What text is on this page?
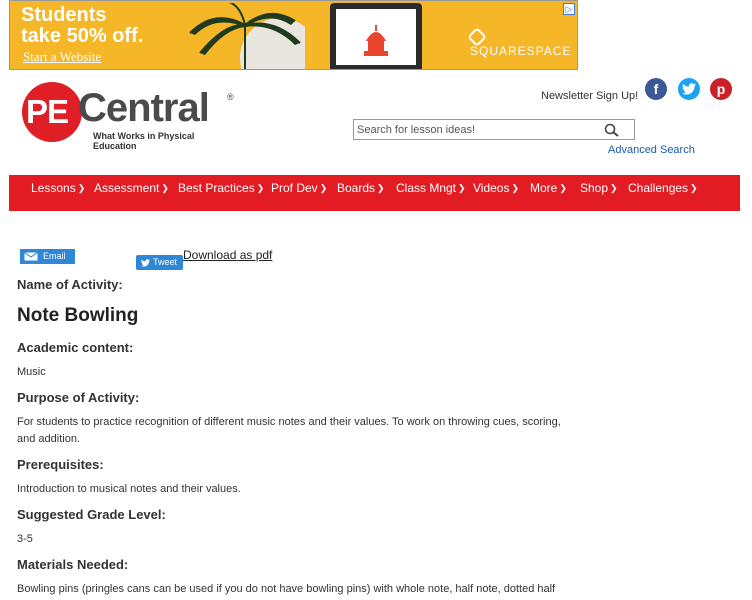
Students
take 50% off.
Start a Website	SQUARESPACE
▷
PE Central ®
What Works in Physical Education
Newsletter Sign Up!	f	p
Search for lesson ideas!
Advanced Search
Lessons ❯ Assessment ❯ Best Practices ❯ Prof Dev ❯ Boards ❯ Class Mngt ❯ Videos ❯ More ❯ Shop ❯ Challenges ❯
Email
Tweet Download as pdf
Name of Activity:
Note Bowling
Academic content:
Music
Purpose of Activity:
For students to practice recognition of different music notes and their values. To work on throwing cues, scoring, and addition.
Prerequisites:
Introduction to musical notes and their values.
Suggested Grade Level:
3-5
Materials Needed:
Bowling pins (pringles cans can be used if you do not have bowling pins) with whole note, half note, dotted half
